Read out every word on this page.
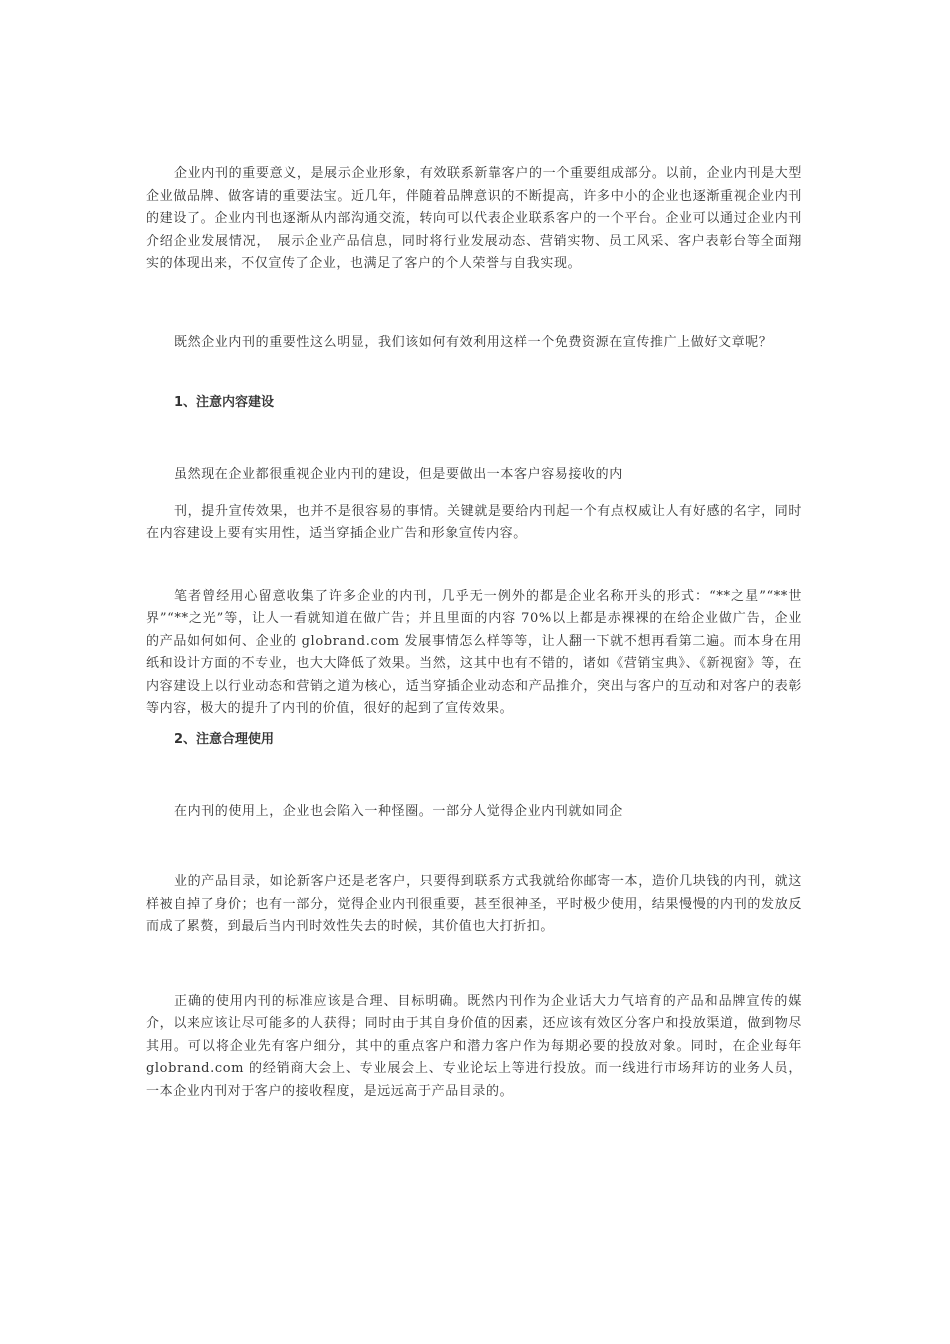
企业内刊的重要意义，是展示企业形象，有效联系新靠客户的一个重要组成部分。以前，企业内刊是大型企业做品牌、做客请的重要法宝。近几年，伴随着品牌意识的不断提高，许多中小的企业也逐渐重视企业内刊的建设了。企业内刊也逐渐从内部沟通交流，转向可以代表企业联系客户的一个平台。企业可以通过企业内刊介绍企业发展情况，　展示企业产品信息，同时将行业发展动态、营销实物、员工风采、客户表彰台等全面翔实的体现出来，不仅宣传了企业，也满足了客户的个人荣誉与自我实现。

既然企业内刊的重要性这么明显，我们该如何有效利用这样一个免费资源在宣传推广上做好文章呢？

1、注意内容建设

虽然现在企业都很重视企业内刊的建设，但是要做出一本客户容易接收的内

刊，提升宣传效果，也并不是很容易的事情。关键就是要给内刊起一个有点权威让人有好感的名字，同时在内容建设上要有实用性，适当穿插企业广告和形象宣传内容。

笔者曾经用心留意收集了许多企业的内刊，几乎无一例外的都是企业名称开头的形式：“**之星”“**世界”“**之光”等，让人一看就知道在做广告；并且里面的内容 70%以上都是赤裸裸的在给企业做广告，企业的产品如何如何、企业的 globrand.com 发展事情怎么样等等，让人翻一下就不想再看第二遍。而本身在用纸和设计方面的不专业，也大大降低了效果。当然，这其中也有不错的，诸如《营销宝典》、《新视窗》等，在内容建设上以行业动态和营销之道为核心，适当穿插企业动态和产品推介，突出与客户的互动和对客户的表彰等内容，极大的提升了内刊的价值，很好的起到了宣传效果。

2、注意合理使用

在内刊的使用上，企业也会陷入一种怪圈。一部分人觉得企业内刊就如同企

业的产品目录，如论新客户还是老客户，只要得到联系方式我就给你邮寄一本，造价几块钱的内刊，就这样被自掉了身价；也有一部分，觉得企业内刊很重要，甚至很神圣，平时极少使用，结果慢慢的内刊的发放反而成了累赘，到最后当内刊时效性失去的时候，其价值也大打折扣。

正确的使用内刊的标准应该是合理、目标明确。既然内刊作为企业话大力气培育的产品和品牌宣传的媒介，以来应该让尽可能多的人获得；同时由于其自身价值的因素，还应该有效区分客户和投放渠道，做到物尽其用。可以将企业先有客户细分，其中的重点客户和潜力客户作为每期必要的投放对象。同时，在企业每年 globrand.com 的经销商大会上、专业展会上、专业论坛上等进行投放。而一线进行市场拜访的业务人员，一本企业内刊对于客户的接收程度，是远远高于产品目录的。
